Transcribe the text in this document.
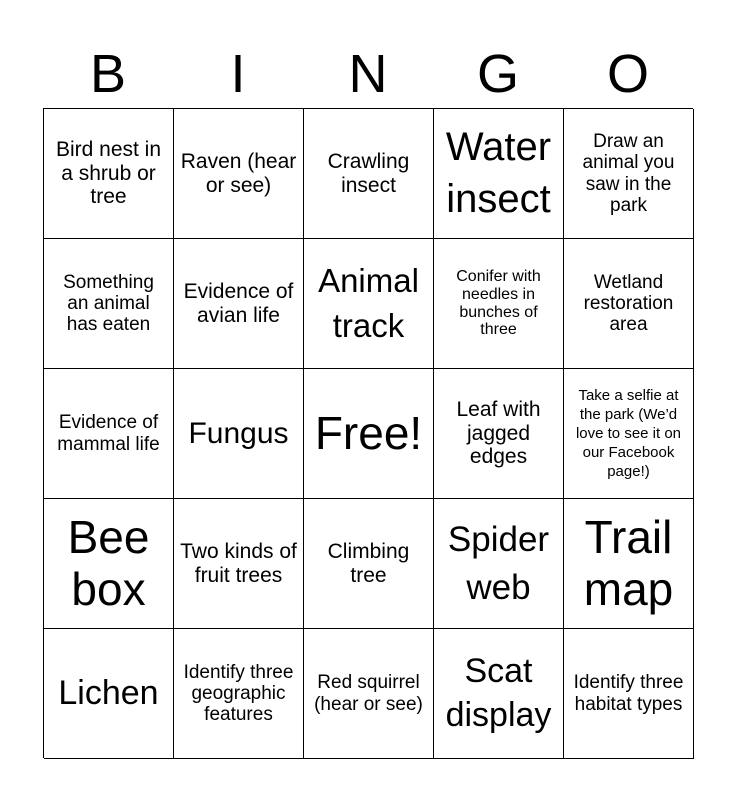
B	I	N	G	O
Bird nest in a shrub or tree
Raven (hear or see)
Crawling insect
Water insect
Draw an animal you saw in the park
Something an animal has eaten
Evidence of avian life
Animal track
Conifer with needles in bunches of three
Wetland restoration area
Evidence of mammal life Fungus Free!	Leaf with jagged edges
Take a selfie at the park (We’d love to see it on our Facebook page!)
Bee box
Two kinds of fruit trees
Climbing tree
Spider web
Trail map
Lichen
Identify three geographic features
Red squirrel (hear or see)
Scat display
Identify three habitat types
